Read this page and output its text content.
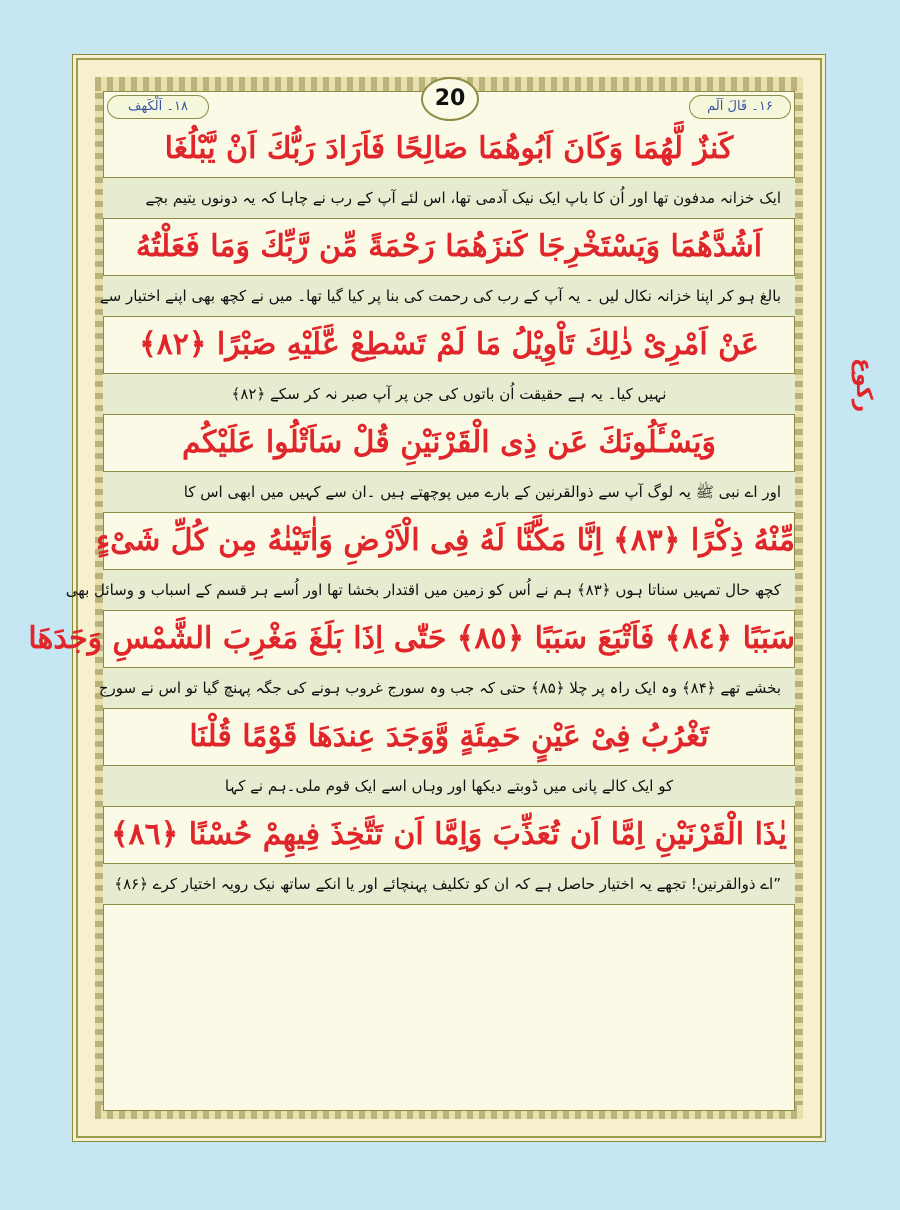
۱۸۔ اَلْکَھف	20	۱۶۔ قَالَ اَلَم
كَنزٌ لَّهُمَا وَكَانَ اَبُوهُمَا صَالِحًا فَاَرَادَ رَبُّكَ اَنْ يَّبْلُغَا
ایک خزانہ مدفون تھا اور اُن کا باپ ایک نیک آدمی تھا، اس لئے آپ کے رب نے چاہا کہ یہ دونوں یتیم بچے
اَشُدَّهُمَا وَيَسْتَخْرِجَا كَنزَهُمَا رَحْمَةً مِّن رَّبِّكَ وَمَا فَعَلْتُهُ
بالغ ہو کر اپنا خزانہ نکال لیں ۔ یہ آپ کے رب کی رحمت کی بنا پر کیا گیا تھا۔ میں نے کچھ بھی اپنے اختیار سے
عَنْ اَمْرِىْ ذٰلِكَ تَاْوِيْلُ مَا لَمْ تَسْطِعْ عَّلَيْهِ صَبْرًا ﴿٨٢﴾
نہیں کیا۔ یہ ہے حقیقت اُن باتوں کی جن پر آپ صبر نہ کر سکے ﴿۸۲﴾
وَيَسْـَٔلُونَكَ عَن ذِى الْقَرْنَيْنِ قُلْ سَاَتْلُوا عَلَيْكُم
اور اے نبی ﷺ یہ لوگ آپ سے ذوالقرنین کے بارے میں پوچھتے ہیں ۔ان سے کہیں میں ابھی اس کا
مِّنْهُ ذِكْرًا ﴿٨٣﴾ اِنَّا مَكَّنَّا لَهُ فِى الْاَرْضِ وَاٰتَيْنٰهُ مِن كُلِّ شَىْءٍ
کچھ حال تمہیں سناتا ہوں ﴿۸۳﴾ ہم نے اُس کو زمین میں اقتدار بخشا تھا اور اُسے ہر قسم کے اسباب و وسائل بھی
سَبَبًا ﴿٨٤﴾ فَاَتْبَعَ سَبَبًا ﴿٨٥﴾ حَتّٰى اِذَا بَلَغَ مَغْرِبَ الشَّمْسِ وَجَدَهَا
بخشے تھے ﴿۸۴﴾ وہ ایک راہ پر چلا ﴿۸۵﴾ حتی کہ جب وہ سورج غروب ہونے کی جگہ پہنچ گیا تو اس نے سورج
تَغْرُبُ فِىْ عَيْنٍ حَمِئَةٍ وَّوَجَدَ عِندَهَا قَوْمًا قُلْنَا
کو ایک کالے پانی میں ڈوبتے دیکھا اور وہاں اسے ایک قوم ملی۔ہم نے کہا
يٰذَا الْقَرْنَيْنِ اِمَّا اَن تُعَذِّبَ وَاِمَّا اَن تَتَّخِذَ فِيهِمْ حُسْنًا ﴿٨٦﴾
”اے ذوالقرنین! تجھے یہ اختیار حاصل ہے کہ ان کو تکلیف پہنچائے اور یا انکے ساتھ نیک رویہ اختیار کرے ﴿۸۶﴾
رکوع
